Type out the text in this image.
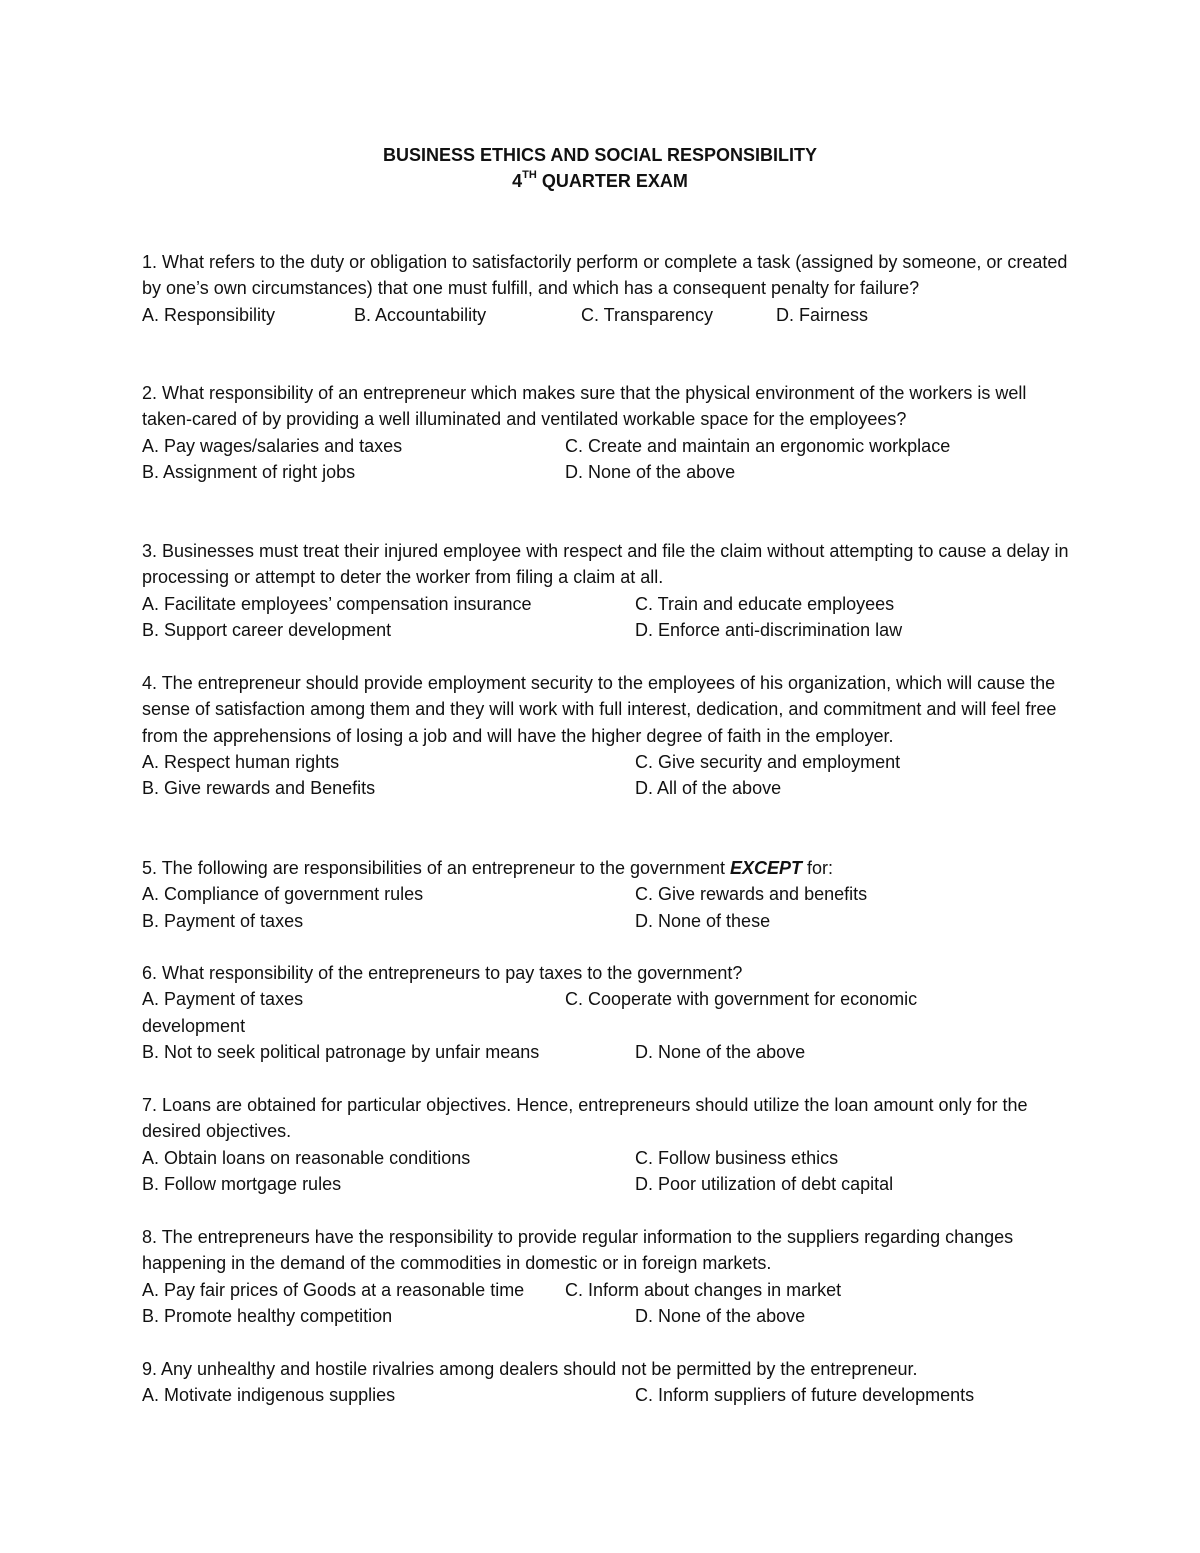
BUSINESS ETHICS AND SOCIAL RESPONSIBILITY
4TH QUARTER EXAM

1. What refers to the duty or obligation to satisfactorily perform or complete a task (assigned by someone, or created by one’s own circumstances) that one must fulfill, and which has a consequent penalty for failure?

A. Responsibility	B. Accountability	C. Transparency	D. Fairness

2. What responsibility of an entrepreneur which makes sure that the physical environment of the workers is well taken-cared of by providing a well illuminated and ventilated workable space for the employees?

A. Pay wages/salaries and taxes	C. Create and maintain an ergonomic workplace
B. Assignment of right jobs	D. None of the above

3. Businesses must treat their injured employee with respect and file the claim without attempting to cause a delay in processing or attempt to deter the worker from filing a claim at all.

A. Facilitate employees’ compensation insurance	C. Train and educate employees
B. Support career development	D. Enforce anti-discrimination law

4. The entrepreneur should provide employment security to the employees of his organization, which will cause the sense of satisfaction among them and they will work with full interest, dedication, and commitment and will feel free from the apprehensions of losing a job and will have the higher degree of faith in the employer.

A. Respect human rights	C. Give security and employment
B. Give rewards and Benefits	D. All of the above

5. The following are responsibilities of an entrepreneur to the government EXCEPT for:

A. Compliance of government rules	C. Give rewards and benefits
B. Payment of taxes	D. None of these

6. What responsibility of the entrepreneurs to pay taxes to the government?

A. Payment of taxes	C. Cooperate with government for economic
development
B. Not to seek political patronage by unfair means	D. None of the above

7. Loans are obtained for particular objectives. Hence, entrepreneurs should utilize the loan amount only for the desired objectives.

A. Obtain loans on reasonable conditions	C. Follow business ethics
B. Follow mortgage rules	D. Poor utilization of debt capital

8. The entrepreneurs have the responsibility to provide regular information to the suppliers regarding changes happening in the demand of the commodities in domestic or in foreign markets.

A. Pay fair prices of Goods at a reasonable time C. Inform about changes in market
B. Promote healthy competition	D. None of the above

9. Any unhealthy and hostile rivalries among dealers should not be permitted by the entrepreneur.

A. Motivate indigenous supplies	C. Inform suppliers of future developments
